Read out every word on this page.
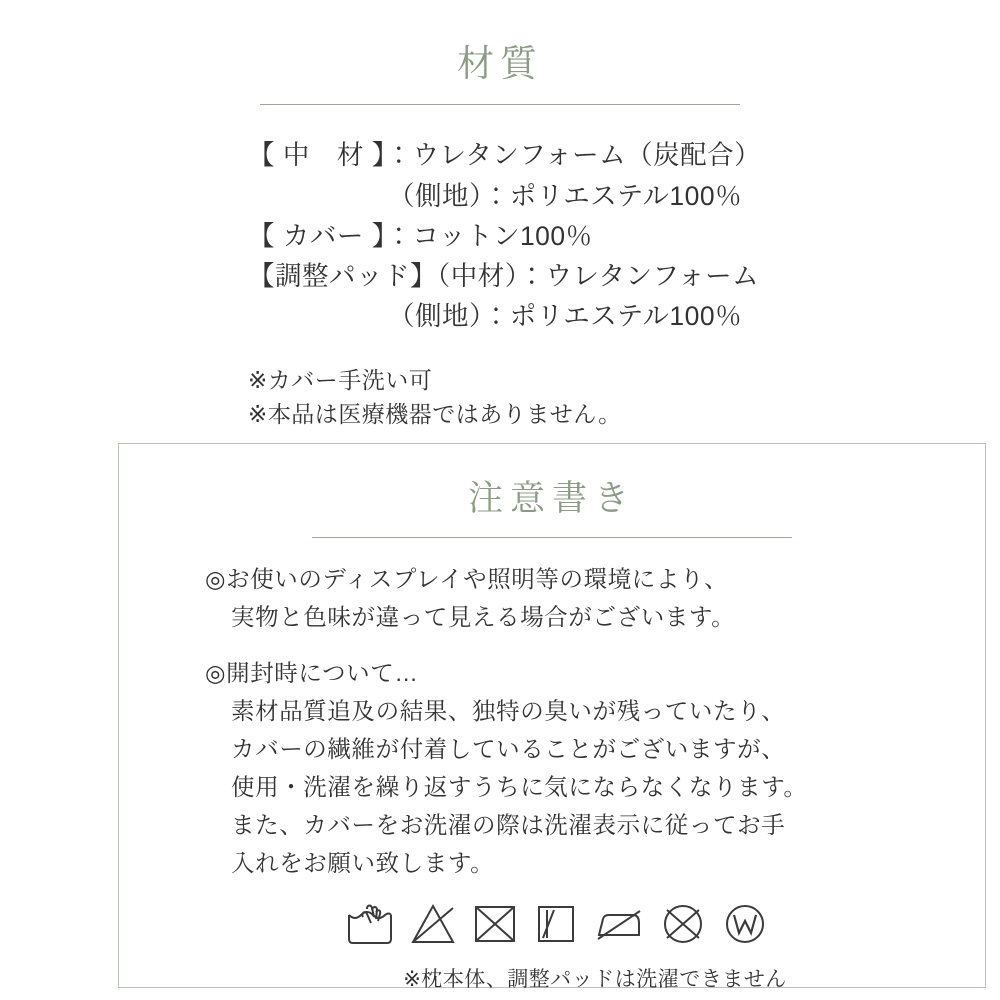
材質
【 中　材 】：ウレタンフォーム（炭配合）
（側地）：ポリエステル100％
【 カバー 】：コットン100％
【調整パッド】（中材）：ウレタンフォーム
（側地）：ポリエステル100％
※カバー手洗い可
※本品は医療機器ではありません。
注意書き
◎お使いのディスプレイや照明等の環境により、
実物と色味が違って見える場合がございます。
◎開封時について…
素材品質追及の結果、独特の臭いが残っていたり、
カバーの繊維が付着していることがございますが、
使用・洗濯を繰り返すうちに気にならなくなります。
また、カバーをお洗濯の際は洗濯表示に従ってお手
入れをお願い致します。
※枕本体、調整パッドは洗濯できません
